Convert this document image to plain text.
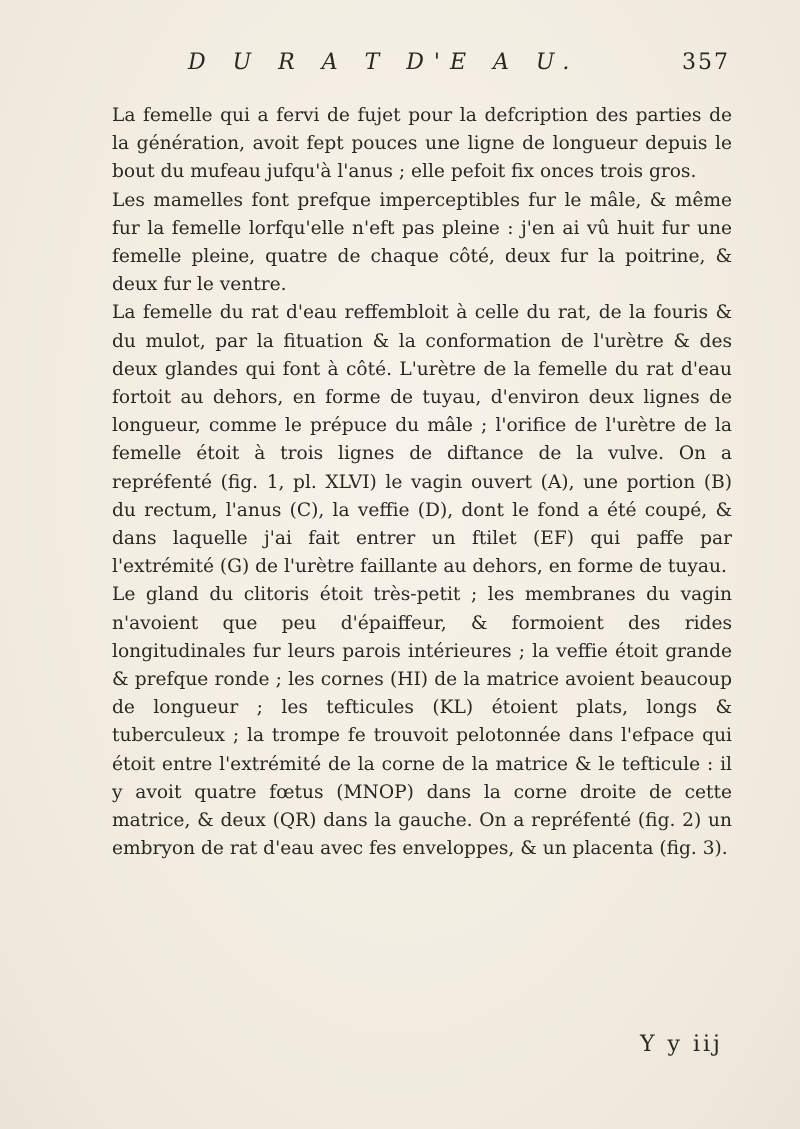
D U R A T D'E A U.	357

La femelle qui a fervi de fujet pour la defcription des parties de la génération, avoit fept pouces une ligne de longueur depuis le bout du mufeau jufqu'à l'anus ; elle pefoit fix onces trois gros.

Les mamelles font prefque imperceptibles fur le mâle, & même fur la femelle lorfqu'elle n'eft pas pleine : j'en ai vû huit fur une femelle pleine, quatre de chaque côté, deux fur la poitrine, & deux fur le ventre.

La femelle du rat d'eau reffembloit à celle du rat, de la fouris & du mulot, par la fituation & la conformation de l'urètre & des deux glandes qui font à côté. L'urètre de la femelle du rat d'eau fortoit au dehors, en forme de tuyau, d'environ deux lignes de longueur, comme le prépuce du mâle ; l'orifice de l'urètre de la femelle étoit à trois lignes de diftance de la vulve. On a repréfenté (fig. 1, pl. XLVI) le vagin ouvert (A), une portion (B) du rectum, l'anus (C), la veffie (D), dont le fond a été coupé, & dans laquelle j'ai fait entrer un ftilet (EF) qui paffe par l'extrémité (G) de l'urètre faillante au dehors, en forme de tuyau.

Le gland du clitoris étoit très-petit ; les membranes du vagin n'avoient que peu d'épaiffeur, & formoient des rides longitudinales fur leurs parois intérieures ; la veffie étoit grande & prefque ronde ; les cornes (HI) de la matrice avoient beaucoup de longueur ; les tefticules (KL) étoient plats, longs & tuberculeux ; la trompe fe trouvoit pelotonnée dans l'efpace qui étoit entre l'extrémité de la corne de la matrice & le tefticule : il y avoit quatre fœtus (MNOP) dans la corne droite de cette matrice, & deux (QR) dans la gauche. On a repréfenté (fig. 2) un embryon de rat d'eau avec fes enveloppes, & un placenta (fig. 3).

Y y iij
